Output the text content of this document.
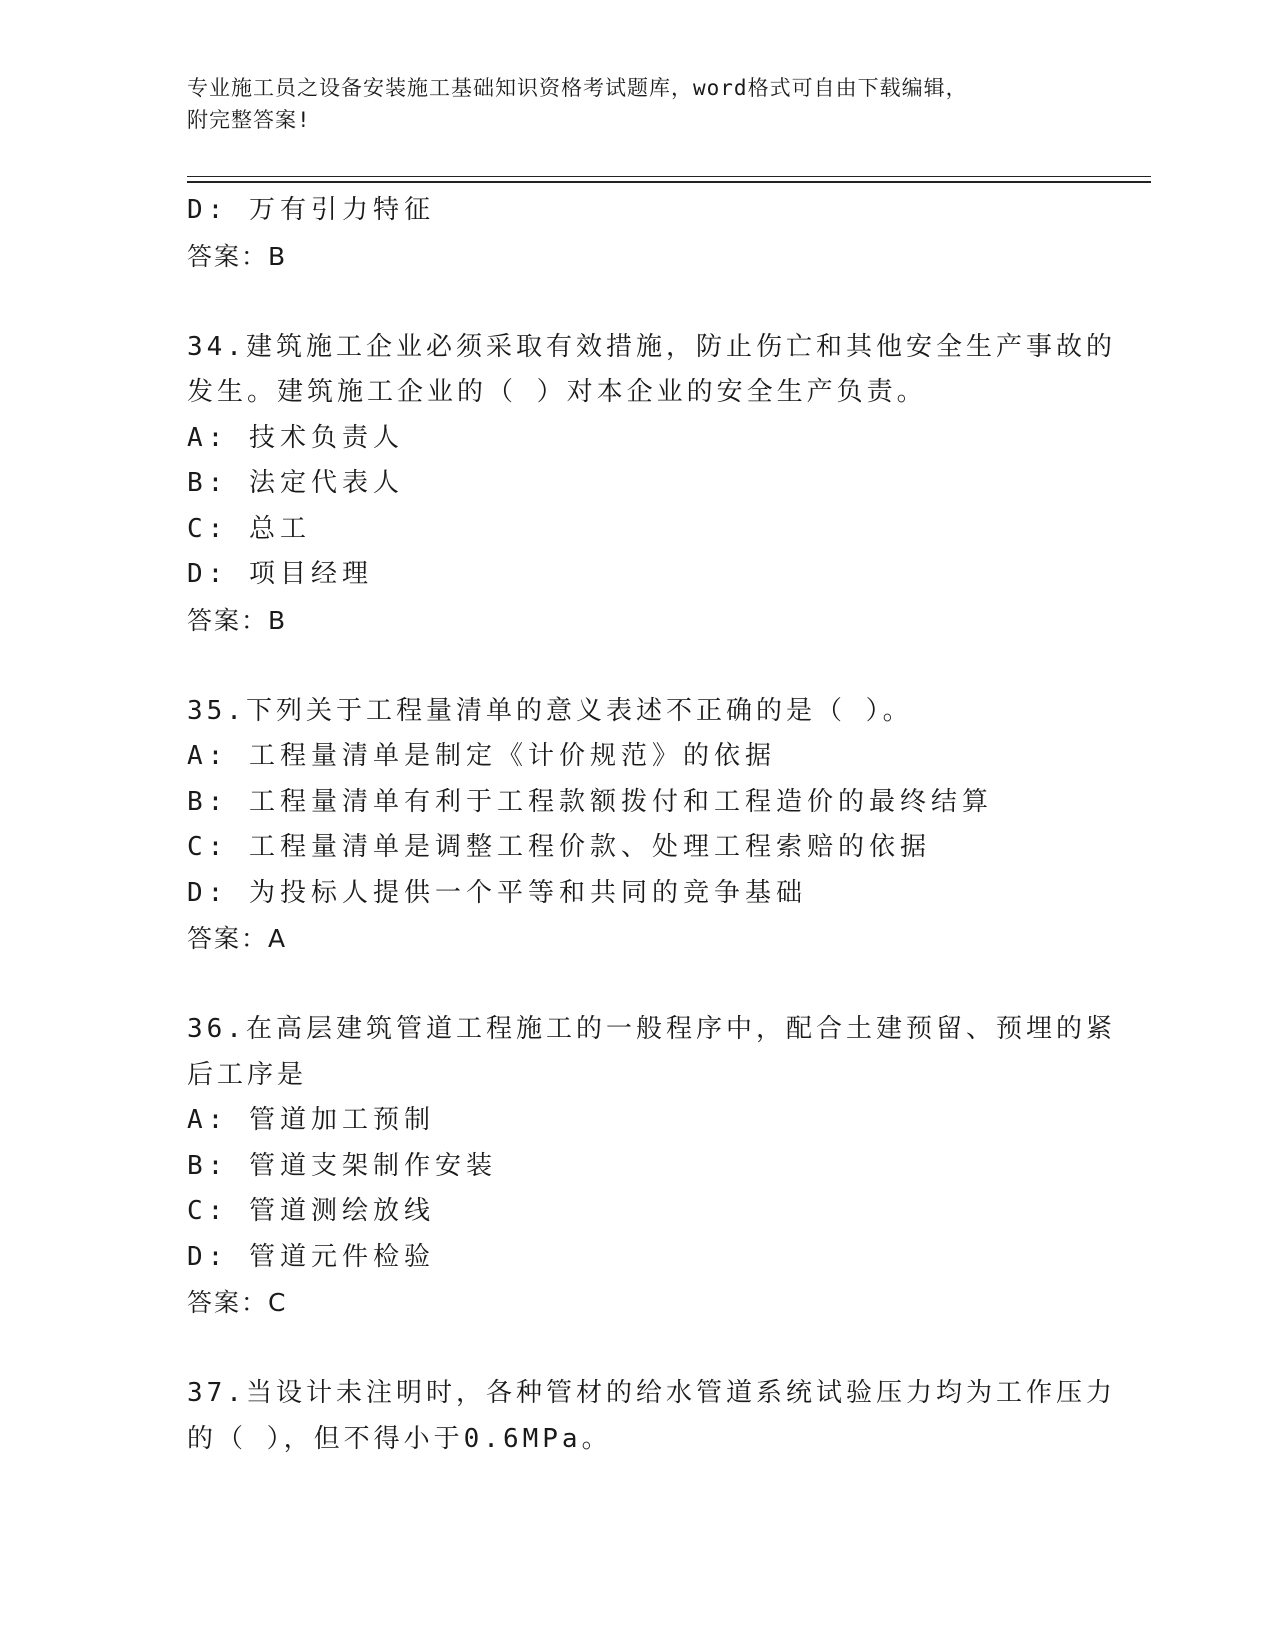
专业施工员之设备安装施工基础知识资格考试题库，word格式可自由下载编辑，
附完整答案!
D: 万有引力特征
答案：B
34.建筑施工企业必须采取有效措施，防止伤亡和其他安全生产事故的
发生。建筑施工企业的（ ）对本企业的安全生产负责。
A: 技术负责人
B: 法定代表人
C: 总工
D: 项目经理
答案：B
35.下列关于工程量清单的意义表述不正确的是（ ）。
A: 工程量清单是制定《计价规范》的依据
B: 工程量清单有利于工程款额拨付和工程造价的最终结算
C: 工程量清单是调整工程价款、处理工程索赔的依据
D: 为投标人提供一个平等和共同的竞争基础
答案：A
36.在高层建筑管道工程施工的一般程序中，配合土建预留、预埋的紧
后工序是
A: 管道加工预制
B: 管道支架制作安装
C: 管道测绘放线
D: 管道元件检验
答案：C
37.当设计未注明时，各种管材的给水管道系统试验压力均为工作压力
的（ ），但不得小于0.6MPa。
